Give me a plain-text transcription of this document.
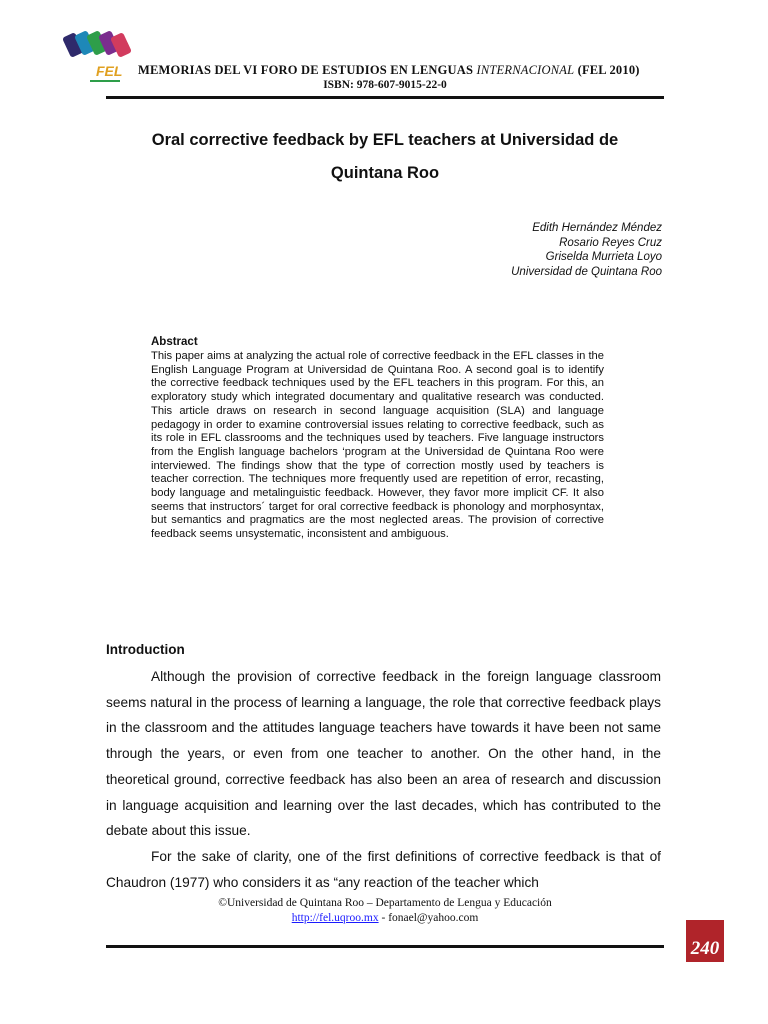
FEL MEMORIAS DEL VI FORO DE ESTUDIOS EN LENGUAS INTERNACIONAL (FEL 2010)
ISBN: 978-607-9015-22-0
Oral corrective feedback by EFL teachers at Universidad de
Quintana Roo
Edith Hernández Méndez
Rosario Reyes Cruz
Griselda Murrieta Loyo
Universidad de Quintana Roo
Abstract
This paper aims at analyzing the actual role of corrective feedback in the EFL classes in the English Language Program at Universidad de Quintana Roo. A second goal is to identify the corrective feedback techniques used by the EFL teachers in this program. For this, an exploratory study which integrated documentary and qualitative research was conducted. This article draws on research in second language acquisition (SLA) and language pedagogy in order to examine controversial issues relating to corrective feedback, such as its role in EFL classrooms and the techniques used by teachers. Five language instructors from the English language bachelors ‘program at the Universidad de Quintana Roo were interviewed. The findings show that the type of correction mostly used by teachers is teacher correction. The techniques more frequently used are repetition of error, recasting, body language and metalinguistic feedback. However, they favor more implicit CF. It also seems that instructors´ target for oral corrective feedback is phonology and morphosyntax, but semantics and pragmatics are the most neglected areas. The provision of corrective feedback seems unsystematic, inconsistent and ambiguous.
Introduction

Although the provision of corrective feedback in the foreign language classroom seems natural in the process of learning a language, the role that corrective feedback plays in the classroom and the attitudes language teachers have towards it have been not same through the years, or even from one teacher to another. On the other hand, in the theoretical ground, corrective feedback has also been an area of research and discussion in language acquisition and learning over the last decades, which has contributed to the debate about this issue.

For the sake of clarity, one of the first definitions of corrective feedback is that of Chaudron (1977) who considers it as “any reaction of the teacher which

©Universidad de Quintana Roo – Departamento de Lengua y Educación
http://fel.uqroo.mx - fonael@yahoo.com
240
